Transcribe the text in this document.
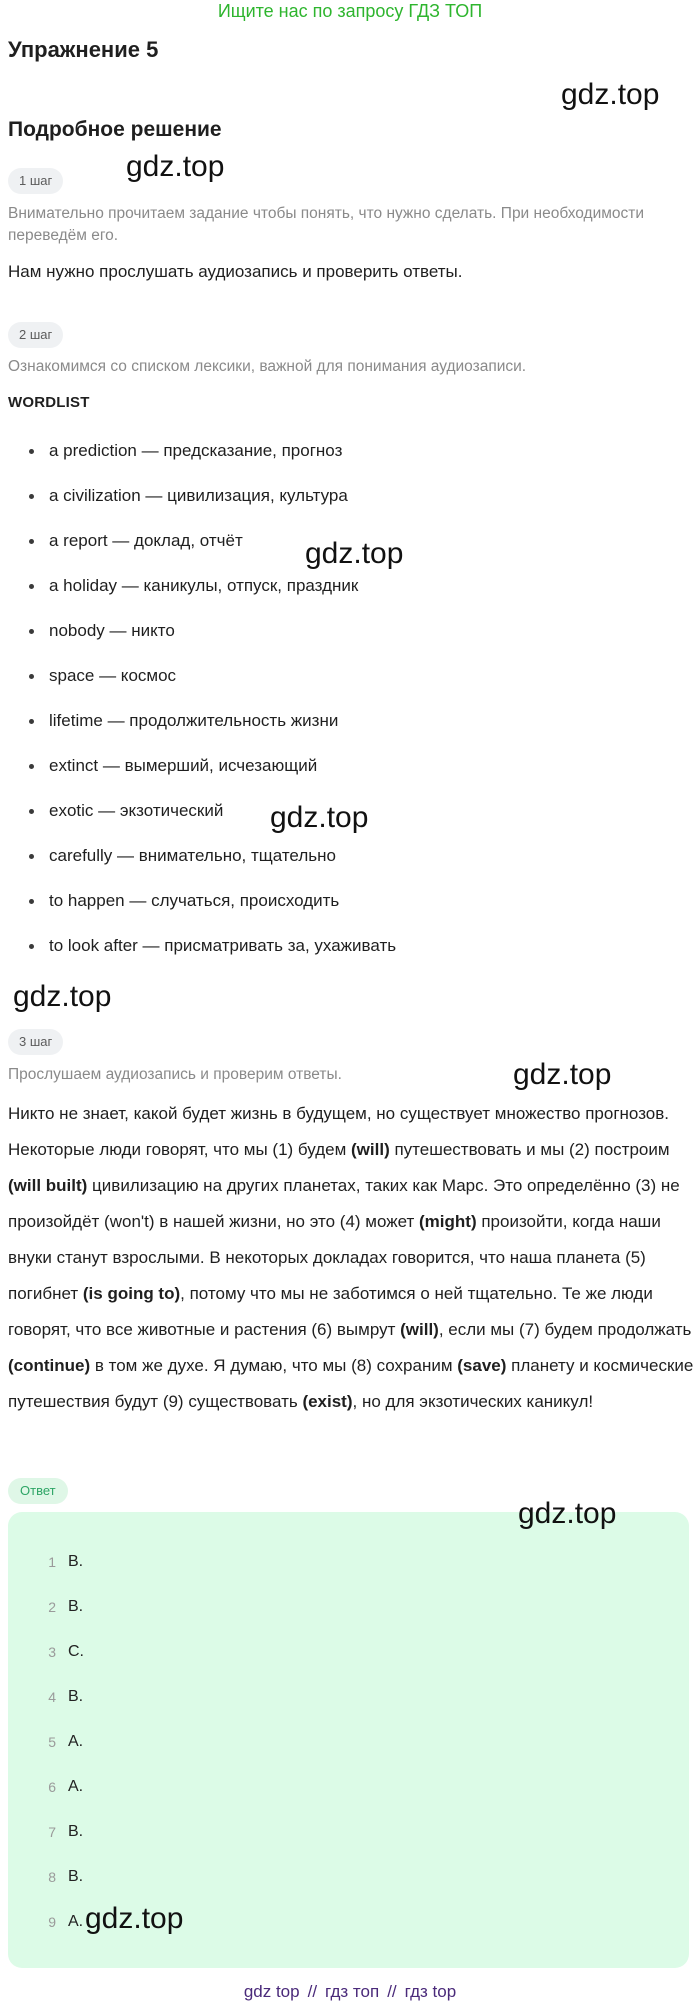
Ищите нас по запросу ГДЗ ТОП
Упражнение 5
Подробное решение
1 шаг
Внимательно прочитаем задание чтобы понять, что нужно сделать. При необходимости переведём его.
Нам нужно прослушать аудиозапись и проверить ответы.
2 шаг
Ознакомимся со списком лексики, важной для понимания аудиозаписи.
WORDLIST
a prediction — предсказание, прогноз
a civilization — цивилизация, культура
a report — доклад, отчёт
a holiday — каникулы, отпуск, праздник
nobody — никто
space — космос
lifetime — продолжительность жизни
extinct — вымерший, исчезающий
exotic — экзотический
carefully — внимательно, тщательно
to happen — случаться, происходить
to look after — присматривать за, ухаживать
3 шаг
Прослушаем аудиозапись и проверим ответы.
Никто не знает, какой будет жизнь в будущем, но существует множество прогнозов. Некоторые люди говорят, что мы (1) будем (will) путешествовать и мы (2) построим (will built) цивилизацию на других планетах, таких как Марс. Это определённо (3) не произойдёт (won't) в нашей жизни, но это (4) может (might) произойти, когда наши внуки станут взрослыми. В некоторых докладах говорится, что наша планета (5) погибнет (is going to), потому что мы не заботимся о ней тщательно. Те же люди говорят, что все животные и растения (6) вымрут (will), если мы (7) будем продолжать (continue) в том же духе. Я думаю, что мы (8) сохраним (save) планету и космические путешествия будут (9) существовать (exist), но для экзотических каникул!
Ответ
1 B.
2 B.
3 C.
4 B.
5 A.
6 A.
7 B.
8 B.
9 A.
gdz.top
gdz.top
gdz.top
gdz.top
gdz.top
gdz.top
gdz.top
gdz.top
gdz top // гдз топ // гдз top
